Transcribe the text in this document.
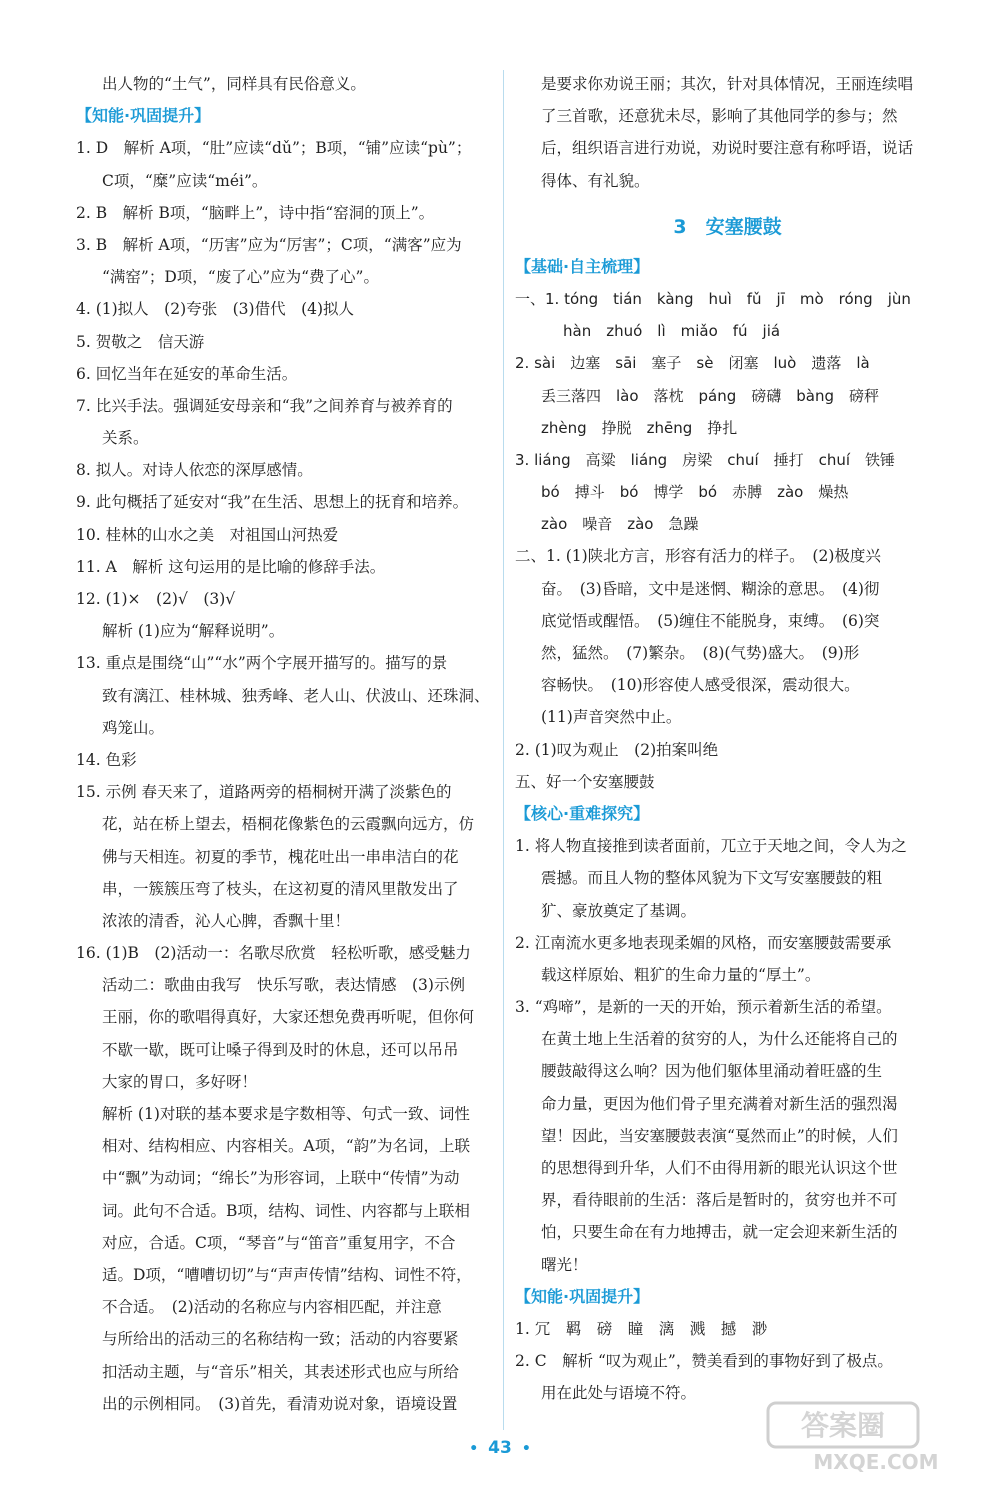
出人物的“土气”，同样具有民俗意义。
【知能·巩固提升】
1. D　解析 A项，“肚”应读“dǔ”；B项，“铺”应读“pù”；
C项，“糜”应读“méi”。
2. B　解析 B项，“脑畔上”，诗中指“窑洞的顶上”。
3. B　解析 A项，“历害”应为“厉害”；C项，“满客”应为
“满窑”；D项，“废了心”应为“费了心”。
4. (1)拟人　(2)夸张　(3)借代　(4)拟人
5. 贺敬之　信天游
6. 回忆当年在延安的革命生活。
7. 比兴手法。强调延安母亲和“我”之间养育与被养育的
关系。
8. 拟人。对诗人依恋的深厚感情。
9. 此句概括了延安对“我”在生活、思想上的抚育和培养。
10. 桂林的山水之美　对祖国山河热爱
11. A　解析 这句运用的是比喻的修辞手法。
12. (1)×　(2)√　(3)√
解析 (1)应为“解释说明”。
13. 重点是围绕“山”“水”两个字展开描写的。描写的景
致有漓江、桂林城、独秀峰、老人山、伏波山、还珠洞、
鸡笼山。
14. 色彩
15. 示例 春天来了，道路两旁的梧桐树开满了淡紫色的
花，站在桥上望去，梧桐花像紫色的云霞飘向远方，仿
佛与天相连。初夏的季节，槐花吐出一串串洁白的花
串，一簇簇压弯了枝头，在这初夏的清风里散发出了
浓浓的清香，沁人心脾，香飘十里！
16. (1)B　(2)活动一：名歌尽欣赏　轻松听歌，感受魅力
活动二：歌曲由我写　快乐写歌，表达情感　(3)示例
王丽，你的歌唱得真好，大家还想免费再听呢，但你何
不歇一歇，既可让嗓子得到及时的休息，还可以吊吊
大家的胃口，多好呀！
解析 (1)对联的基本要求是字数相等、句式一致、词性
相对、结构相应、内容相关。A项，“韵”为名词，上联
中“飘”为动词；“绵长”为形容词，上联中“传情”为动
词。此句不合适。B项，结构、词性、内容都与上联相
对应，合适。C项，“琴音”与“笛音”重复用字，不合
适。D项，“嘈嘈切切”与“声声传情”结构、词性不符，
不合适。　(2)活动的名称应与内容相匹配，并注意
与所给出的活动三的名称结构一致；活动的内容要紧
扣活动主题，与“音乐”相关，其表述形式也应与所给
出的示例相同。　(3)首先，看清劝说对象，语境设置
是要求你劝说王丽；其次，针对具体情况，王丽连续唱
了三首歌，还意犹未尽，影响了其他同学的参与；然
后，组织语言进行劝说，劝说时要注意有称呼语，说话
得体、有礼貌。
3　安塞腰鼓
【基础·自主梳理】
一、1. tóng　tián　kàng　huì　fǔ　jī　mò　róng　jùn
hàn　zhuó　lì　miǎo　fú　jiá
2. sài　边塞　sāi　塞子　sè　闭塞　luò　遗落　là
丢三落四　lào　落枕　páng　磅礴　bàng　磅秤
zhèng　挣脱　zhēng　挣扎
3. liáng　高粱　liáng　房梁　chuí　捶打　chuí　铁锤
bó　搏斗　bó　博学　bó　赤膊　zào　燥热
zào　噪音　zào　急躁
二、1. (1)陕北方言，形容有活力的样子。　(2)极度兴
奋。　(3)昏暗，文中是迷惘、糊涂的意思。　(4)彻
底觉悟或醒悟。　(5)缠住不能脱身，束缚。　(6)突
然，猛然。　(7)繁杂。　(8)(气势)盛大。　(9)形
容畅快。　(10)形容使人感受很深，震动很大。
(11)声音突然中止。
2. (1)叹为观止　(2)拍案叫绝
五、好一个安塞腰鼓
【核心·重难探究】
1. 将人物直接推到读者面前，兀立于天地之间，令人为之
震撼。而且人物的整体风貌为下文写安塞腰鼓的粗
犷、豪放奠定了基调。
2. 江南流水更多地表现柔媚的风格，而安塞腰鼓需要承
载这样原始、粗犷的生命力量的“厚土”。
3. “鸡啼”，是新的一天的开始，预示着新生活的希望。
在黄土地上生活着的贫穷的人，为什么还能将自己的
腰鼓敲得这么响？因为他们躯体里涌动着旺盛的生
命力量，更因为他们骨子里充满着对新生活的强烈渴
望！因此，当安塞腰鼓表演“戛然而止”的时候，人们
的思想得到升华，人们不由得用新的眼光认识这个世
界，看待眼前的生活：落后是暂时的，贫穷也并不可
怕，只要生命在有力地搏击，就一定会迎来新生活的
曙光！
【知能·巩固提升】
1. 冗　羁　磅　瞳　漓　溅　撼　渺
2. C　解析 “叹为观止”，赞美看到的事物好到了极点。
用在此处与语境不符。
• 43 •
答案圈
MXQE.COM
